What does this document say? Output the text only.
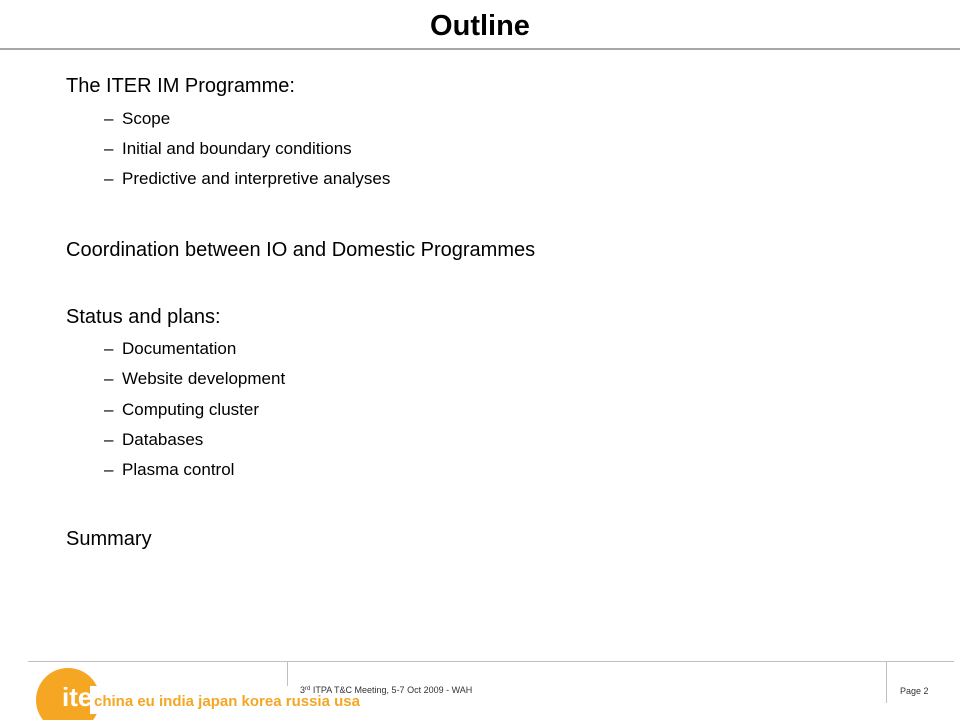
Outline
The ITER IM Programme:
– Scope
– Initial and boundary conditions
– Predictive and interpretive analyses
Coordination between IO and Domestic Programmes
Status and plans:
– Documentation
– Website development
– Computing cluster
– Databases
– Plasma control
Summary
iter
china eu india japan korea russia usa
3rd ITPA T&C Meeting, 5-7 Oct 2009 - WAH	Page 2
